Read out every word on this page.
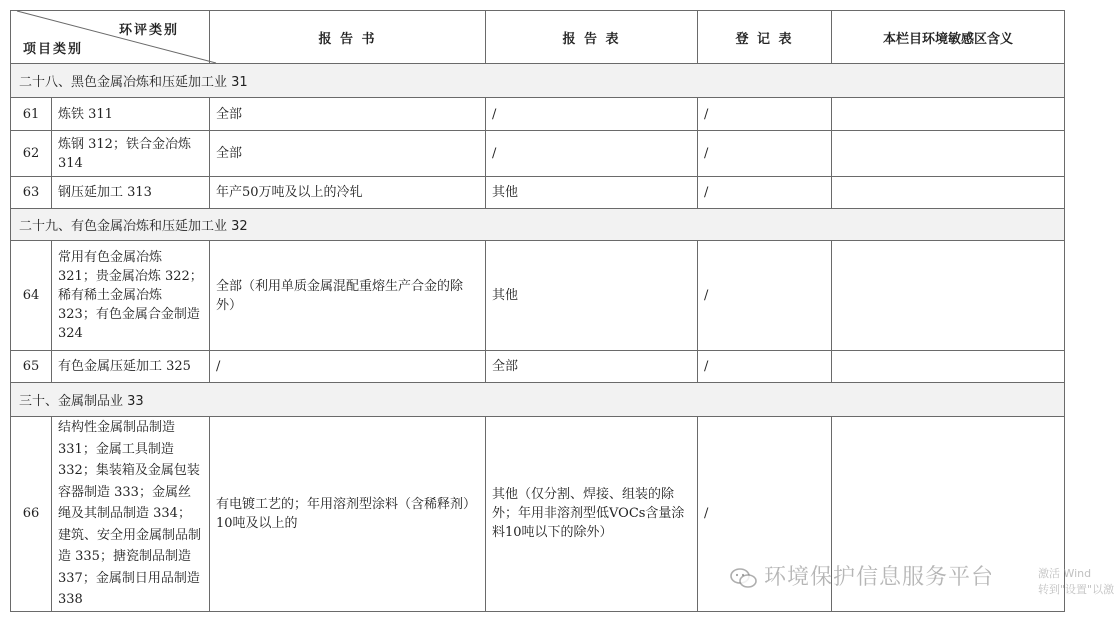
环评类别
项目类别		报 告 书	报 告 表	登 记 表	本栏目环境敏感区含义
二十八、黑色金属冶炼和压延加工业 31					
61	炼铁 311	全部	/	/	
62	炼钢 312；铁合金冶炼 314	全部	/	/	
63	钢压延加工 313	年产50万吨及以上的冷轧	其他	/	
二十九、有色金属冶炼和压延加工业 32					
64	常用有色金属冶炼 321；贵金属冶炼 322；稀有稀土金属冶炼 323；有色金属合金制造 324	全部（利用单质金属混配重熔生产合金的除外）	其他	/	
65	有色金属压延加工 325	/	全部	/	
三十、金属制品业 33					
66	结构性金属制品制造 331；金属工具制造 332；集装箱及金属包装容器制造 333；金属丝绳及其制品制造 334；建筑、安全用金属制品制造 335；搪瓷制品制造 337；金属制日用品制造 338	有电镀工艺的；年用溶剂型涂料（含稀释剂）10吨及以上的	其他（仅分割、焊接、组装的除外；年用非溶剂型低VOCs含量涂料10吨以下的除外）	/	
环境保护信息服务平台	激活 Wind
转到"设置"以激
